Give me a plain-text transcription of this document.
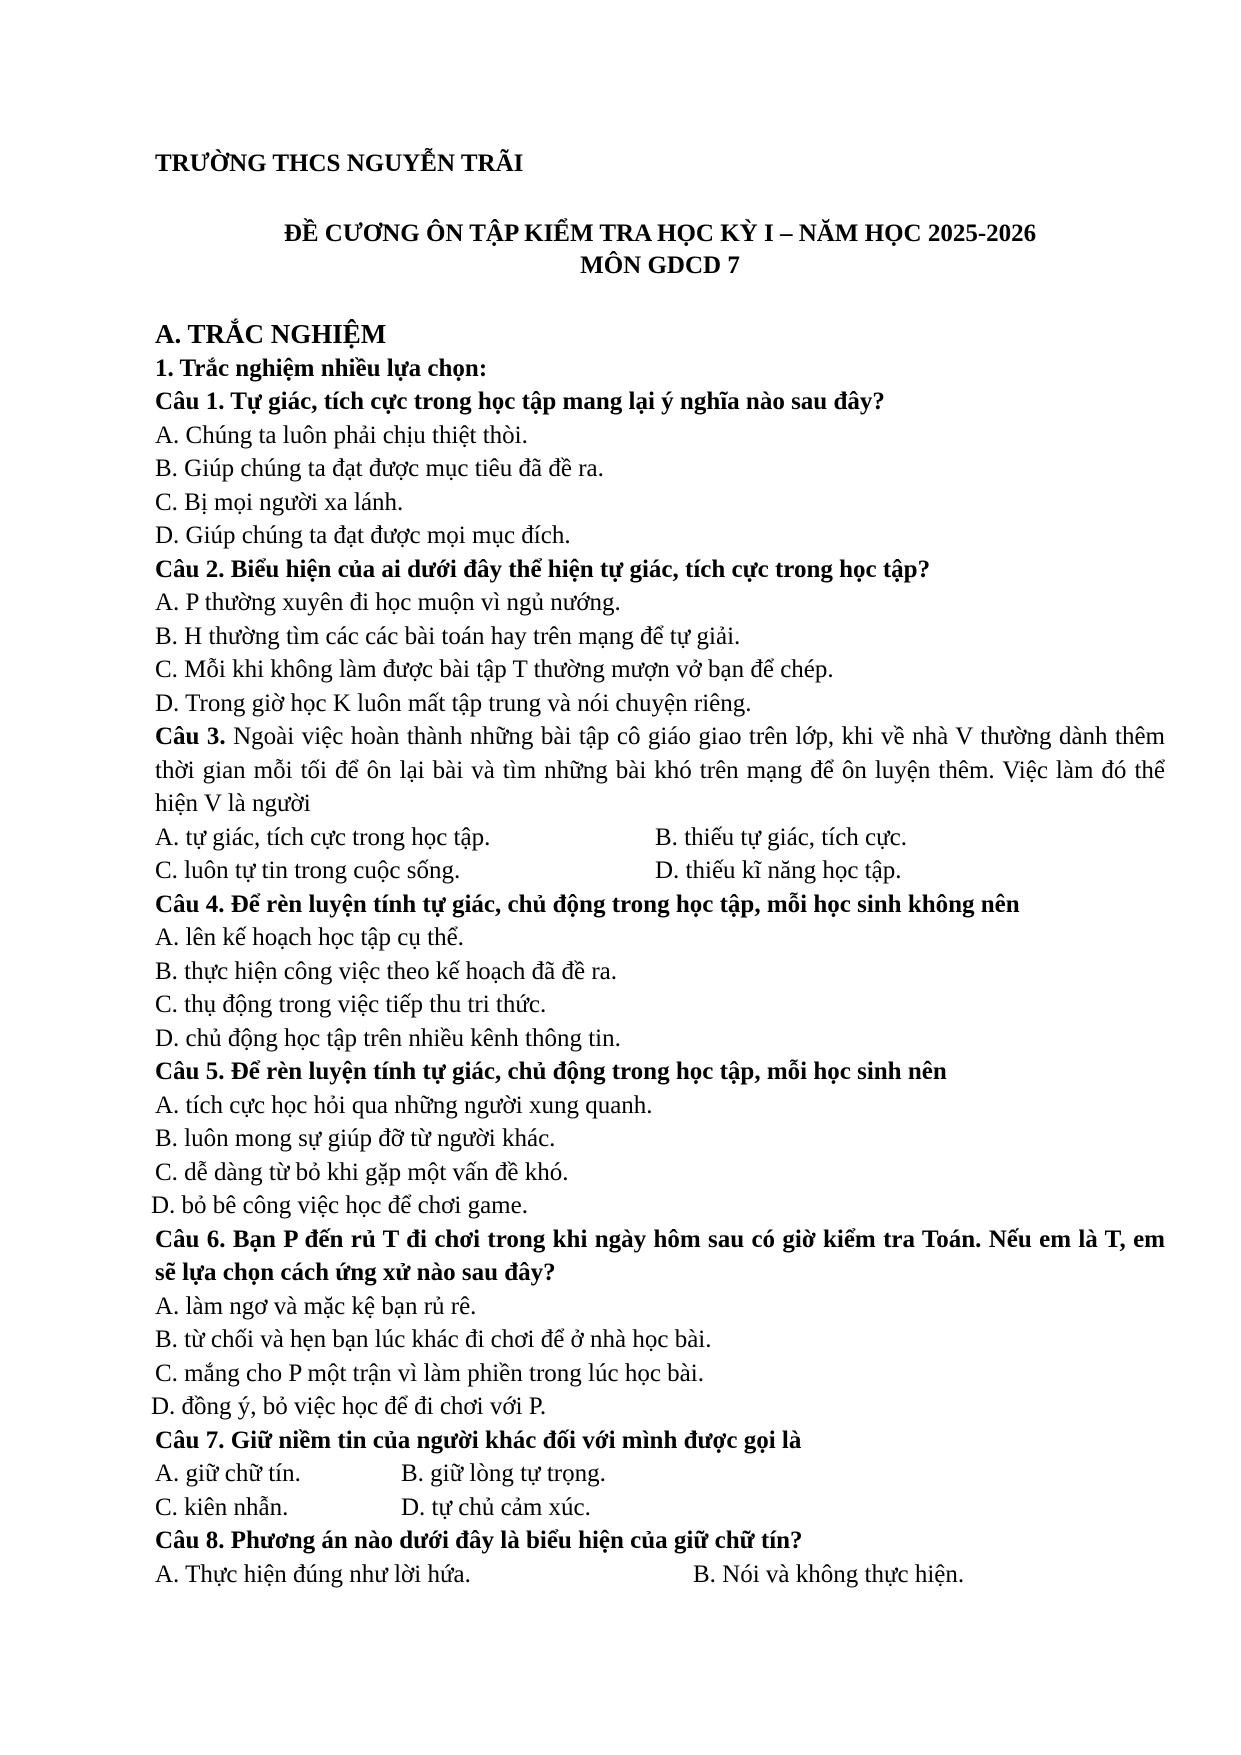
TRƯỜNG THCS NGUYỄN TRÃI
ĐỀ CƯƠNG ÔN TẬP KIỂM TRA HỌC KỲ I – NĂM HỌC 2025-2026
MÔN GDCD 7
A. TRẮC NGHIỆM
1. Trắc nghiệm nhiều lựa chọn:
Câu 1. Tự giác, tích cực trong học tập mang lại ý nghĩa nào sau đây?
A. Chúng ta luôn phải chịu thiệt thòi.
B. Giúp chúng ta đạt được mục tiêu đã đề ra.
C. Bị mọi người xa lánh.
D. Giúp chúng ta đạt được mọi mục đích.
Câu 2. Biểu hiện của ai dưới đây thể hiện tự giác, tích cực trong học tập?
A. P thường xuyên đi học muộn vì ngủ nướng.
B. H thường tìm các các bài toán hay trên mạng để tự giải.
C. Mỗi khi không làm được bài tập T thường mượn vở bạn để chép.
D. Trong giờ học K luôn mất tập trung và nói chuyện riêng.
Câu 3. Ngoài việc hoàn thành những bài tập cô giáo giao trên lớp, khi về nhà V thường dành thêm thời gian mỗi tối để ôn lại bài và tìm những bài khó trên mạng để ôn luyện thêm. Việc làm đó thể hiện V là người
A. tự giác, tích cực trong học tập.	B. thiếu tự giác, tích cực.
C. luôn tự tin trong cuộc sống.	D. thiếu kĩ năng học tập.
Câu 4. Để rèn luyện tính tự giác, chủ động trong học tập, mỗi học sinh không nên
A. lên kế hoạch học tập cụ thể.
B. thực hiện công việc theo kế hoạch đã đề ra.
C. thụ động trong việc tiếp thu tri thức.
D. chủ động học tập trên nhiều kênh thông tin.
Câu 5. Để rèn luyện tính tự giác, chủ động trong học tập, mỗi học sinh nên
A. tích cực học hỏi qua những người xung quanh.
B. luôn mong sự giúp đỡ từ người khác.
C. dễ dàng từ bỏ khi gặp một vấn đề khó.
D. bỏ bê công việc học để chơi game.
Câu 6. Bạn P đến rủ T đi chơi trong khi ngày hôm sau có giờ kiểm tra Toán. Nếu em là T, em sẽ lựa chọn cách ứng xử nào sau đây?
A. làm ngơ và mặc kệ bạn rủ rê.
B. từ chối và hẹn bạn lúc khác đi chơi để ở nhà học bài.
C. mắng cho P một trận vì làm phiền trong lúc học bài.
D. đồng ý, bỏ việc học để đi chơi với P.
Câu 7. Giữ niềm tin của người khác đối với mình được gọi là
A. giữ chữ tín.	B. giữ lòng tự trọng.
C. kiên nhẫn.	D. tự chủ cảm xúc.
Câu 8. Phương án nào dưới đây là biểu hiện của giữ chữ tín?
A. Thực hiện đúng như lời hứa.	B. Nói và không thực hiện.
